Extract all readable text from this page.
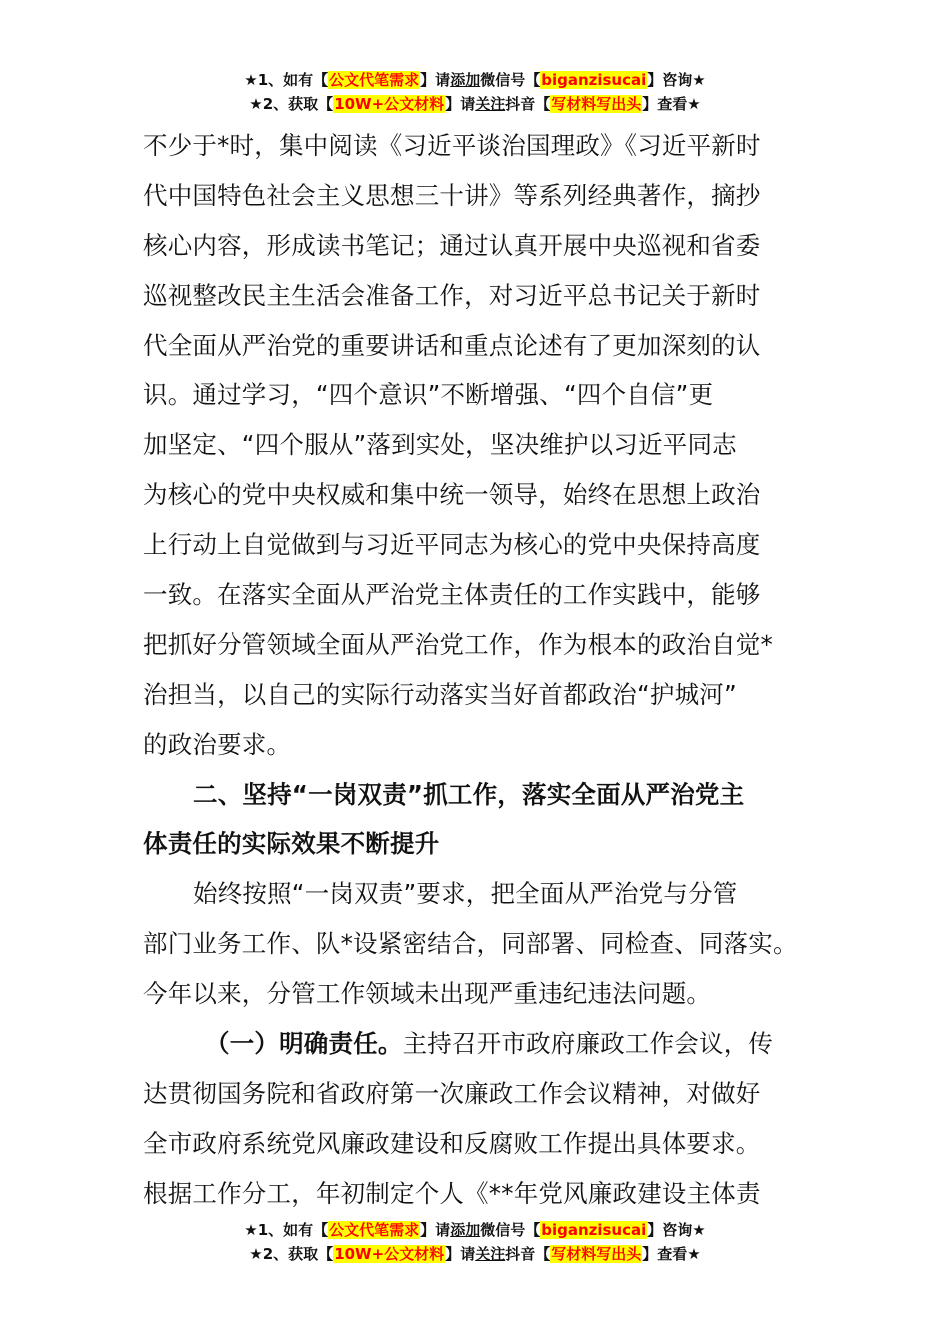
★1、如有【公文代笔需求】请添加微信号【biganzisucai】咨询★
★2、获取【10W+公文材料】请关注抖音【写材料写出头】查看★
不少于*时，集中阅读《习近平谈治国理政》《习近平新时
代中国特色社会主义思想三十讲》等系列经典著作，摘抄
核心内容，形成读书笔记；通过认真开展中央巡视和省委
巡视整改民主生活会准备工作，对习近平总书记关于新时
代全面从严治党的重要讲话和重点论述有了更加深刻的认
识。通过学习，“四个意识”不断增强、“四个自信”更
加坚定、“四个服从”落到实处，坚决维护以习近平同志
为核心的党中央权威和集中统一领导，始终在思想上政治
上行动上自觉做到与习近平同志为核心的党中央保持高度
一致。在落实全面从严治党主体责任的工作实践中，能够
把抓好分管领域全面从严治党工作，作为根本的政治自觉*
治担当，以自己的实际行动落实当好首都政治“护城河”
的政治要求。
二、坚持“一岗双责”抓工作，落实全面从严治党主
体责任的实际效果不断提升
始终按照“一岗双责”要求，把全面从严治党与分管
部门业务工作、队*设紧密结合，同部署、同检查、同落实。
今年以来，分管工作领域未出现严重违纪违法问题。
（一）明确责任。主持召开市政府廉政工作会议，传
达贯彻国务院和省政府第一次廉政工作会议精神，对做好
全市政府系统党风廉政建设和反腐败工作提出具体要求。
根据工作分工，年初制定个人《**年党风廉政建设主体责
★1、如有【公文代笔需求】请添加微信号【biganzisucai】咨询★
★2、获取【10W+公文材料】请关注抖音【写材料写出头】查看★
